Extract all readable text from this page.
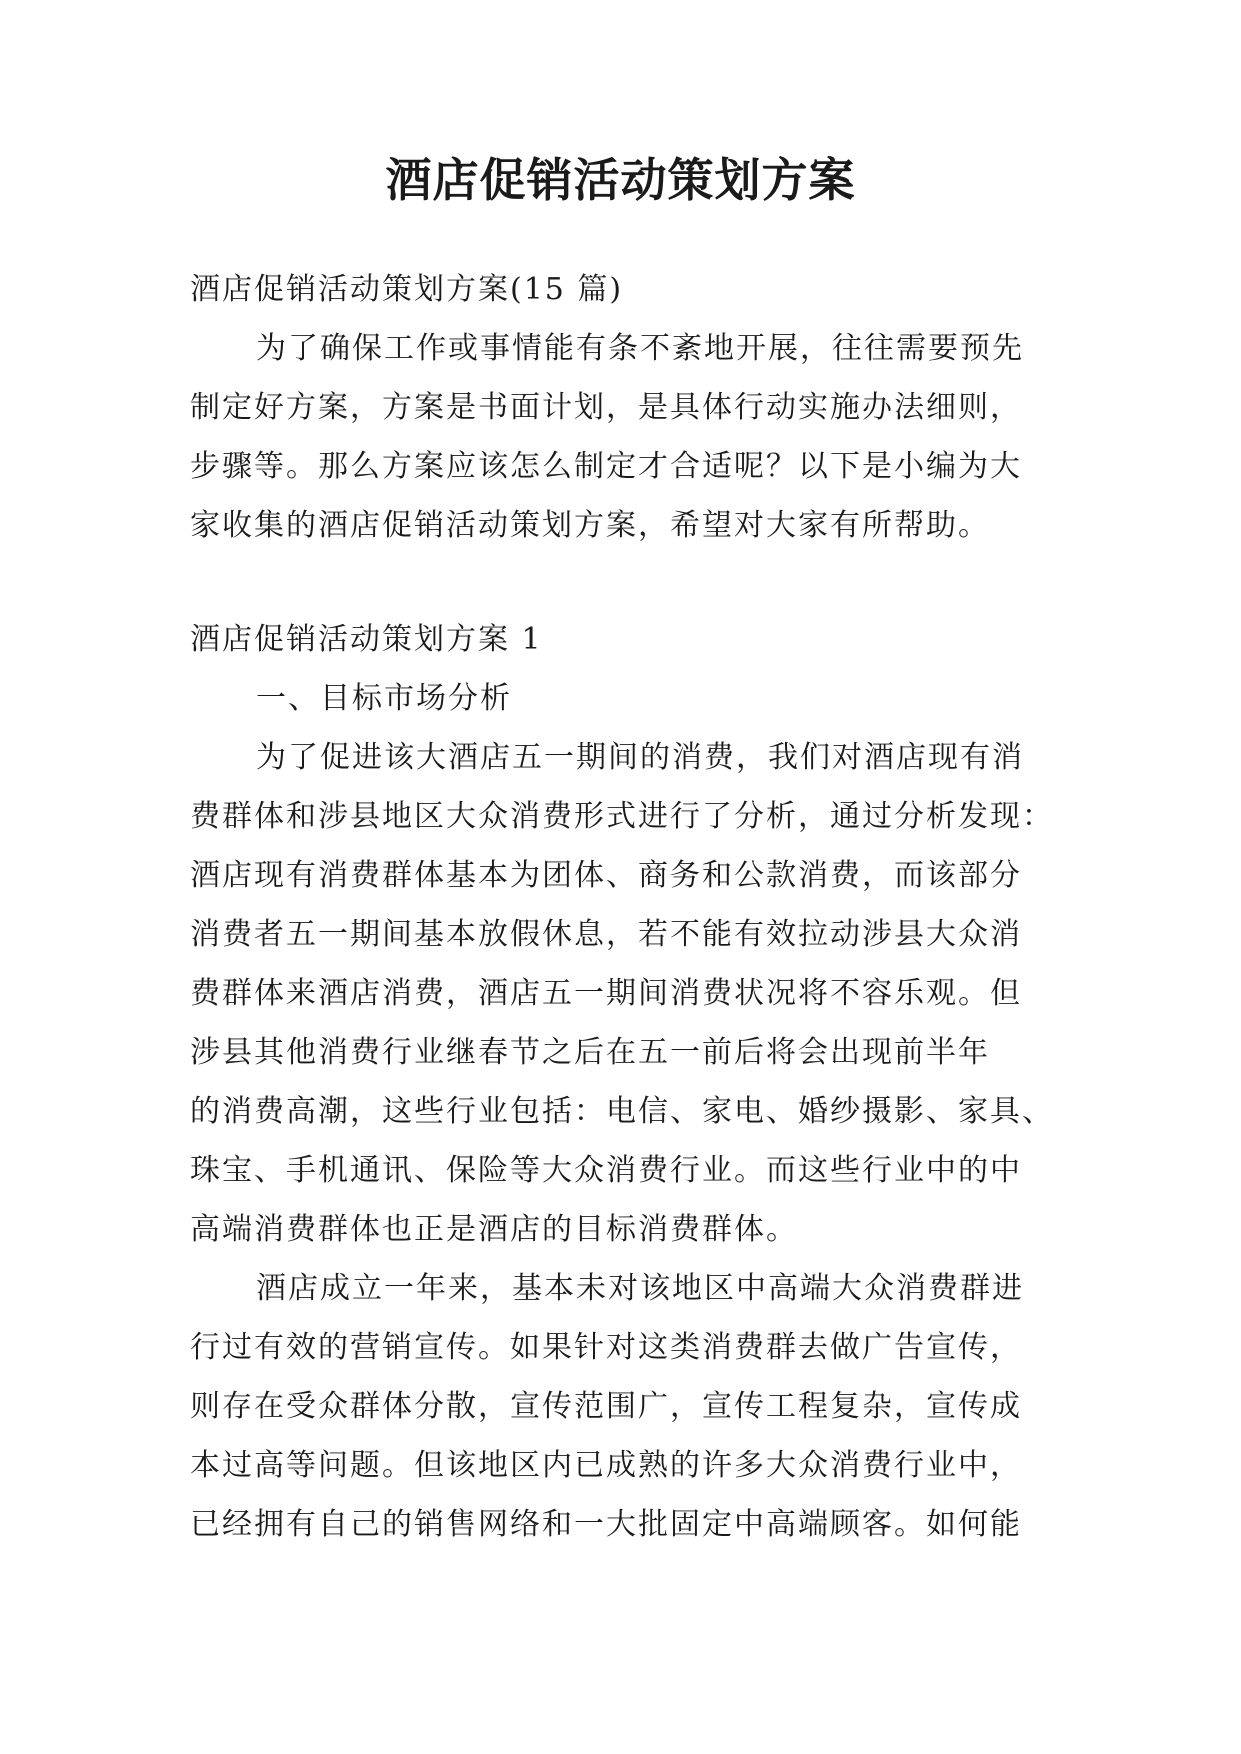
酒店促销活动策划方案
酒店促销活动策划方案(15 篇)
为了确保工作或事情能有条不紊地开展，往往需要预先
制定好方案，方案是书面计划，是具体行动实施办法细则，
步骤等。那么方案应该怎么制定才合适呢？以下是小编为大
家收集的酒店促销活动策划方案，希望对大家有所帮助。
酒店促销活动策划方案 1
一、目标市场分析
为了促进该大酒店五一期间的消费，我们对酒店现有消
费群体和涉县地区大众消费形式进行了分析，通过分析发现：
酒店现有消费群体基本为团体、商务和公款消费，而该部分
消费者五一期间基本放假休息，若不能有效拉动涉县大众消
费群体来酒店消费，酒店五一期间消费状况将不容乐观。但
涉县其他消费行业继春节之后在五一前后将会出现前半年
的消费高潮，这些行业包括：电信、家电、婚纱摄影、家具、
珠宝、手机通讯、保险等大众消费行业。而这些行业中的中
高端消费群体也正是酒店的目标消费群体。
酒店成立一年来，基本未对该地区中高端大众消费群进
行过有效的营销宣传。如果针对这类消费群去做广告宣传，
则存在受众群体分散，宣传范围广，宣传工程复杂，宣传成
本过高等问题。但该地区内已成熟的许多大众消费行业中，
已经拥有自己的销售网络和一大批固定中高端顾客。如何能
